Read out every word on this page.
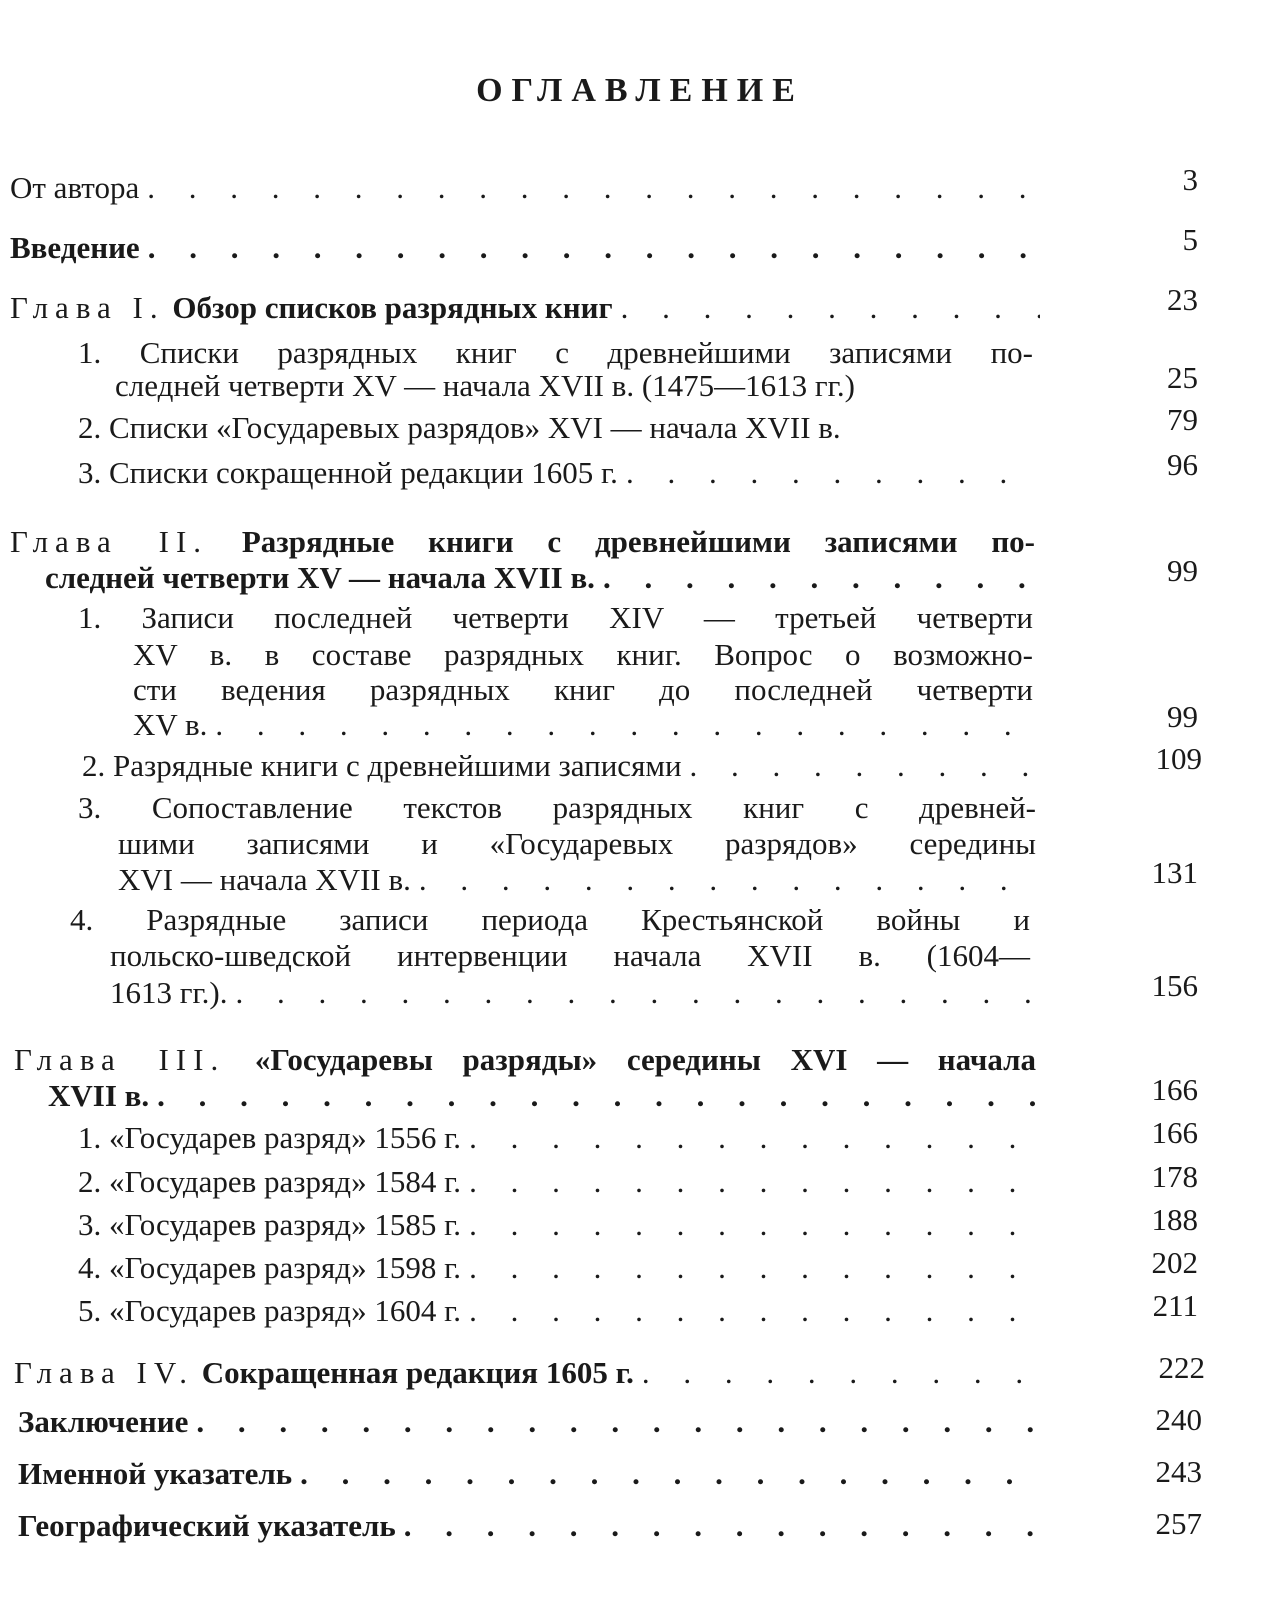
ОГЛАВЛЕНИЕ
От автора . . .	3
Введение . . .	5
Глава I. Обзор списков разрядных книг . . .	23
1. Списки разрядных книг с древнейшими записями по-
следней четверти XV — начала XVII в. (1475—1613 гг.)	25
2. Списки «Государевых разрядов» XVI — начала XVII в.	79
3. Списки сокращенной редакции 1605 г. . . .	96
Глава II. Разрядные книги с древнейшими записями по-
следней четверти XV — начала XVII в. . . .	99
1. Записи последней четверти XIV — третьей четверти
XV в. в составе разрядных книг. Вопрос о возможно-
сти ведения разрядных книг до последней четверти
XV в. . . .	99
2. Разрядные книги с древнейшими записями . . .	109
3. Сопоставление текстов разрядных книг с древней-
шими записями и «Государевых разрядов» середины
XVI — начала XVII в. . . .	131
4. Разрядные записи периода Крестьянской войны и
польско-шведской интервенции начала XVII в. (1604—
1613 гг.). . . .	156
Глава III. «Государевы разряды» середины XVI — начала
XVII в. . . .	166
1. «Государев разряд» 1556 г. . . .	166
2. «Государев разряд» 1584 г. . . .	178
3. «Государев разряд» 1585 г. . . .	188
4. «Государев разряд» 1598 г. . . .	202
5. «Государев разряд» 1604 г. . . .	211
Глава IV. Сокращенная редакция 1605 г. . . .	222
Заключение . . .	240
Именной указатель . . .	243
Географический указатель . . .	257
